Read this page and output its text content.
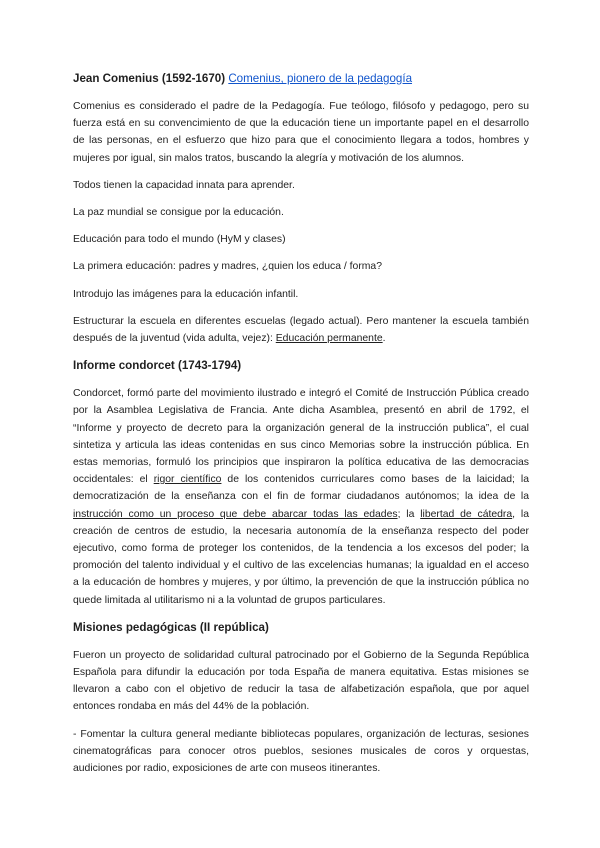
Jean Comenius (1592-1670) Comenius, pionero de la pedagogía

Comenius es considerado el padre de la Pedagogía. Fue teólogo, filósofo y pedagogo, pero su fuerza está en su convencimiento de que la educación tiene un importante papel en el desarrollo de las personas, en el esfuerzo que hizo para que el conocimiento llegara a todos, hombres y mujeres por igual, sin malos tratos, buscando la alegría y motivación de los alumnos.

Todos tienen la capacidad innata para aprender.

La paz mundial se consigue por la educación.

Educación para todo el mundo (HyM y clases)

La primera educación: padres y madres, ¿quien los educa / forma?

Introdujo las imágenes para la educación infantil.

Estructurar la escuela en diferentes escuelas (legado actual). Pero mantener la escuela también después de la juventud (vida adulta, vejez): Educación permanente.

Informe condorcet (1743-1794)

Condorcet, formó parte del movimiento ilustrado e integró el Comité de Instrucción Pública creado por la Asamblea Legislativa de Francia. Ante dicha Asamblea, presentó en abril de 1792, el “Informe y proyecto de decreto para la organización general de la instrucción publica”, el cual sintetiza y articula las ideas contenidas en sus cinco Memorias sobre la instrucción pública. En estas memorias, formuló los principios que inspiraron la política educativa de las democracias occidentales: el rigor científico de los contenidos curriculares como bases de la laicidad; la democratización de la enseñanza con el fin de formar ciudadanos autónomos; la idea de la instrucción como un proceso que debe abarcar todas las edades; la libertad de cátedra, la creación de centros de estudio, la necesaria autonomía de la enseñanza respecto del poder ejecutivo, como forma de proteger los contenidos, de la tendencia a los excesos del poder; la promoción del talento individual y el cultivo de las excelencias humanas; la igualdad en el acceso a la educación de hombres y mujeres, y por último, la prevención de que la instrucción pública no quede limitada al utilitarismo ni a la voluntad de grupos particulares.

Misiones pedagógicas (II república)

Fueron un proyecto de solidaridad cultural patrocinado por el Gobierno de la Segunda República Española para difundir la educación por toda España de manera equitativa. Estas misiones se llevaron a cabo con el objetivo de reducir la tasa de alfabetización española, que por aquel entonces rondaba en más del 44% de la población.

- Fomentar la cultura general mediante bibliotecas populares, organización de lecturas, sesiones cinematográficas para conocer otros pueblos, sesiones musicales de coros y orquestas, audiciones por radio, exposiciones de arte con museos itinerantes.
